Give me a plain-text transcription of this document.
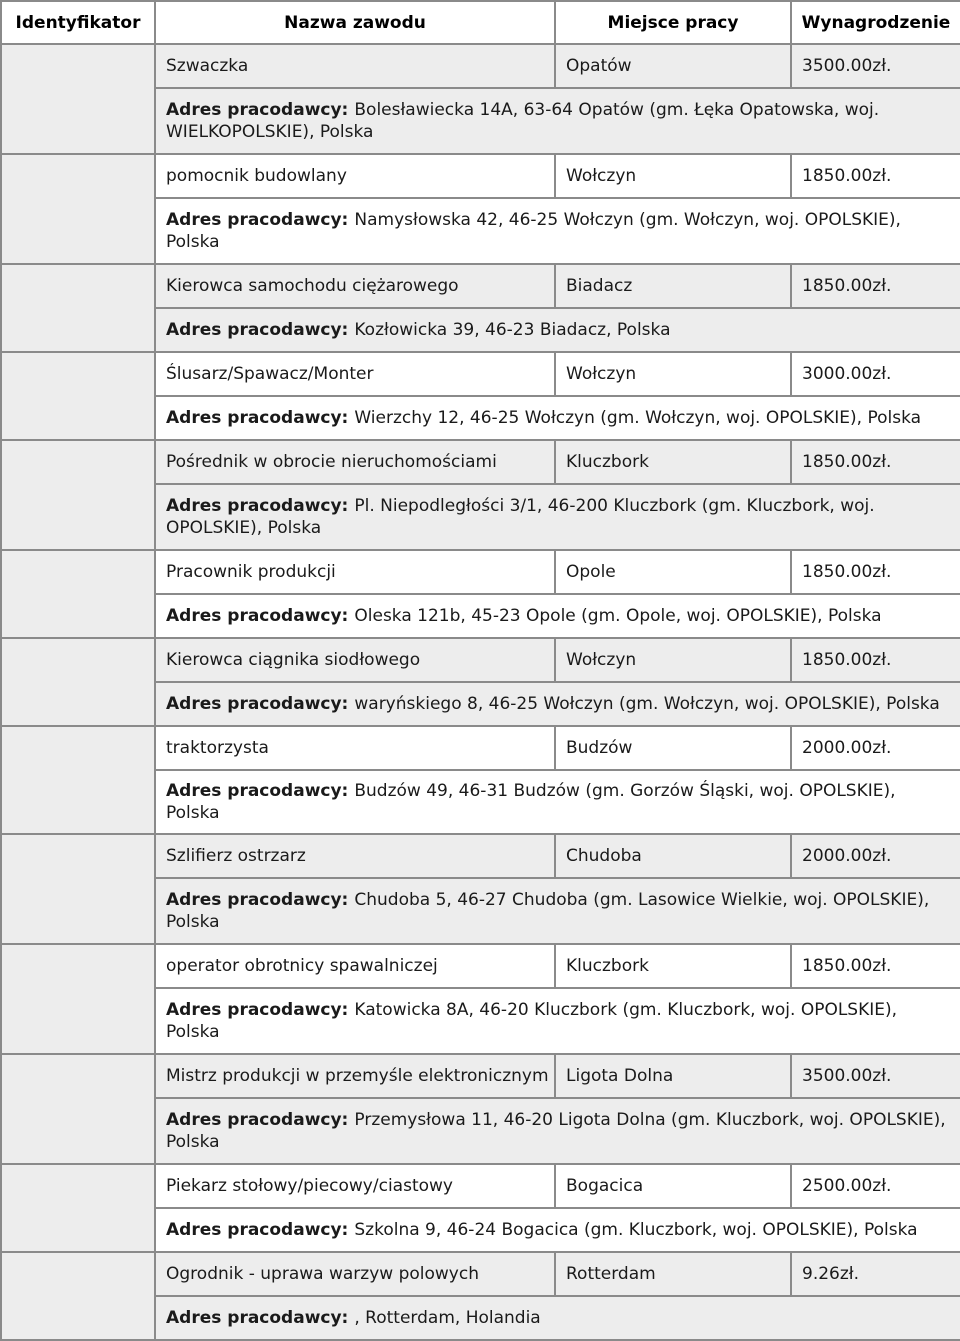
Identyfikator	Nazwa zawodu	Miejsce pracy	Wynagrodzenie
	Szwaczka	Opatów	3500.00zł.
	Adres pracodawcy: Bolesławiecka 14A, 63-64 Opatów (gm. Łęka Opatowska, woj. WIELKOPOLSKIE), Polska		
	pomocnik budowlany	Wołczyn	1850.00zł.
	Adres pracodawcy: Namysłowska 42, 46-25 Wołczyn (gm. Wołczyn, woj. OPOLSKIE), Polska		
	Kierowca samochodu ciężarowego	Biadacz	1850.00zł.
	Adres pracodawcy: Kozłowicka 39, 46-23 Biadacz, Polska		
	Ślusarz/Spawacz/Monter	Wołczyn	3000.00zł.
	Adres pracodawcy: Wierzchy 12, 46-25 Wołczyn (gm. Wołczyn, woj. OPOLSKIE), Polska		
	Pośrednik w obrocie nieruchomościami	Kluczbork	1850.00zł.
	Adres pracodawcy: Pl. Niepodległości 3/1, 46-200 Kluczbork (gm. Kluczbork, woj. OPOLSKIE), Polska		
	Pracownik produkcji	Opole	1850.00zł.
	Adres pracodawcy: Oleska 121b, 45-23 Opole (gm. Opole, woj. OPOLSKIE), Polska		
	Kierowca ciągnika siodłowego	Wołczyn	1850.00zł.
	Adres pracodawcy: waryńskiego 8, 46-25 Wołczyn (gm. Wołczyn, woj. OPOLSKIE), Polska		
	traktorzysta	Budzów	2000.00zł.
	Adres pracodawcy: Budzów 49, 46-31 Budzów (gm. Gorzów Śląski, woj. OPOLSKIE), Polska		
	Szlifierz ostrzarz	Chudoba	2000.00zł.
	Adres pracodawcy: Chudoba 5, 46-27 Chudoba (gm. Lasowice Wielkie, woj. OPOLSKIE), Polska		
	operator obrotnicy spawalniczej	Kluczbork	1850.00zł.
	Adres pracodawcy: Katowicka 8A, 46-20 Kluczbork (gm. Kluczbork, woj. OPOLSKIE), Polska		
	Mistrz produkcji w przemyśle elektronicznym	Ligota Dolna	3500.00zł.
	Adres pracodawcy: Przemysłowa 11, 46-20 Ligota Dolna (gm. Kluczbork, woj. OPOLSKIE), Polska		
	Piekarz stołowy/piecowy/ciastowy	Bogacica	2500.00zł.
	Adres pracodawcy: Szkolna 9, 46-24 Bogacica (gm. Kluczbork, woj. OPOLSKIE), Polska		
	Ogrodnik - uprawa warzyw polowych	Rotterdam	9.26zł.
	Adres pracodawcy: , Rotterdam, Holandia		
